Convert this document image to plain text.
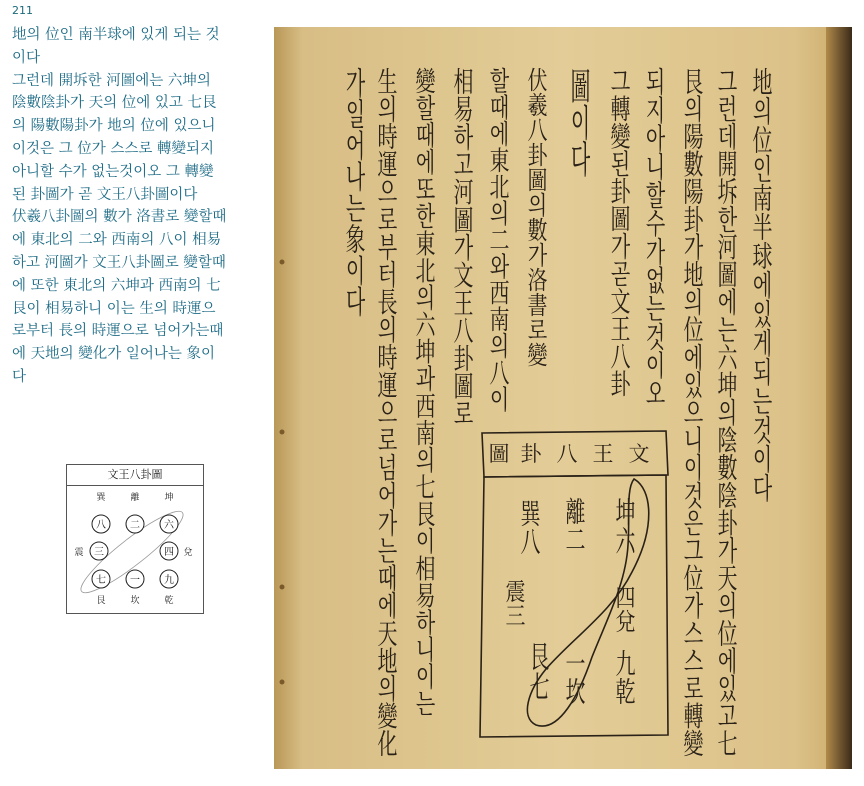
211

地의 位인 南半球에 있게 되는 것

이다

그런데 開坼한 河圖에는 六坤의

陰數陰卦가 天의 位에 있고 七艮

의 陽數陽卦가 地의 位에 있으니

이것은 그 位가 스스로 轉變되지

아니할 수가 없는것이오 그 轉變

된 卦圖가 곧 文王八卦圖이다

伏羲八卦圖의 數가 洛書로 變할때

에 東北의 二와 西南의 八이 相易

하고 河圖가 文王八卦圖로 變할때

에 또한 東北의 六坤과 西南의 七

艮이 相易하니 이는 生의 時運으

로부터 長의 時運으로 넘어가는때

에 天地의 變化가 일어나는 象이

다

文王八卦圖
巽	離	坤
八 二 六
震 三	四 兌
七 一 九
艮	坎	乾
地의位인南半球에있게되는것이다
그런데開坼한河圖에는六坤의陰數陰卦가天의位에있고七
艮의陽數陽卦가地의位에있으니이것은그位가스스로轉變
되지아니할수가없는것이오
그轉變된卦圖가곧文王八卦
圖이다
伏羲八卦圖의數가洛書로變
할때에東北의二와西南의八이
相易하고河圖가文王八卦圖로
變할때에또한東北의六坤과西南의七艮이相易하니이는
生의時運으로부터長의時運으로넘어가는때에天地의變化
가일어나는象이다
文
王
八
卦
圖
坤六
離二
巽八
四兌
震三
九乾
一坎
艮七
